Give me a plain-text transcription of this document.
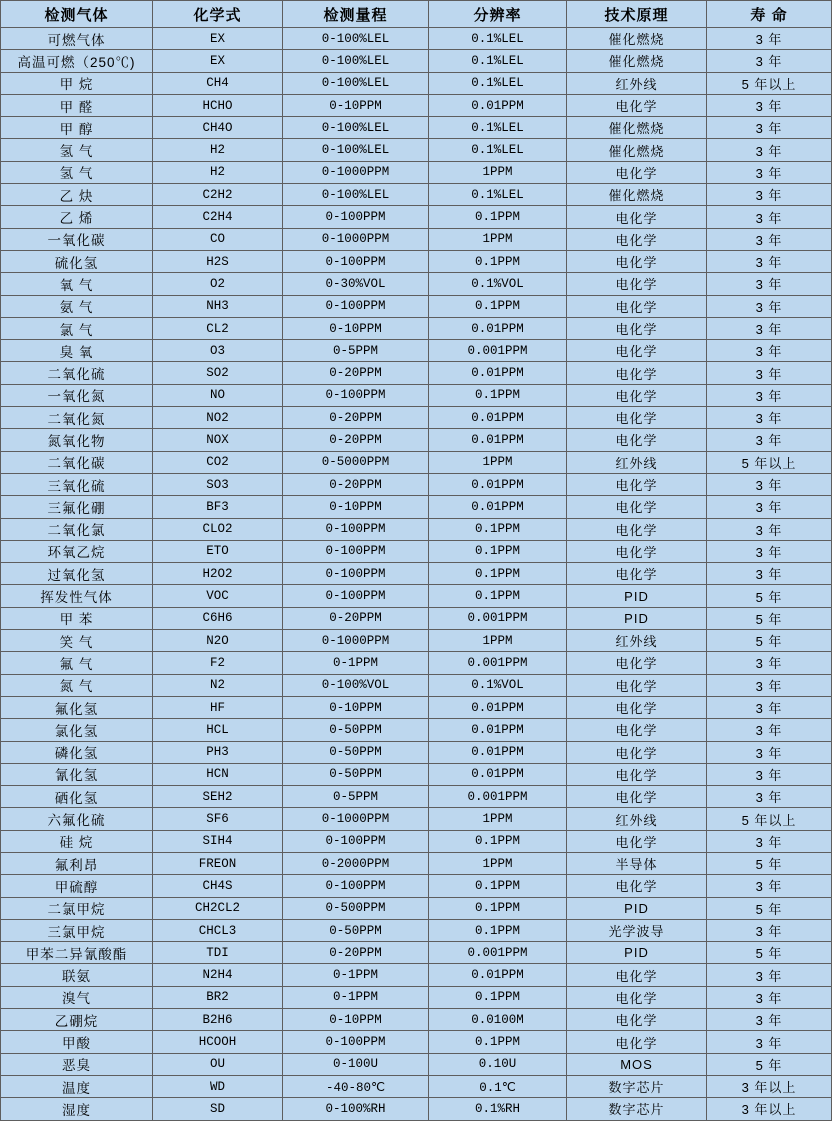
检测气体	化学式	检测量程	分辨率	技术原理	寿 命
可燃气体	EX	0-100%LEL	0.1%LEL	催化燃烧	3 年
高温可燃（250℃)	EX	0-100%LEL	0.1%LEL	催化燃烧	3 年
甲 烷	CH4	0-100%LEL	0.1%LEL	红外线	5 年以上
甲 醛	HCHO	0-10PPM	0.01PPM	电化学	3 年
甲 醇	CH4O	0-100%LEL	0.1%LEL	催化燃烧	3 年
氢 气	H2	0-100%LEL	0.1%LEL	催化燃烧	3 年
氢 气	H2	0-1000PPM	1PPM	电化学	3 年
乙 炔	C2H2	0-100%LEL	0.1%LEL	催化燃烧	3 年
乙 烯	C2H4	0-100PPM	0.1PPM	电化学	3 年
一氧化碳	CO	0-1000PPM	1PPM	电化学	3 年
硫化氢	H2S	0-100PPM	0.1PPM	电化学	3 年
氧 气	O2	0-30%VOL	0.1%VOL	电化学	3 年
氨 气	NH3	0-100PPM	0.1PPM	电化学	3 年
氯 气	CL2	0-10PPM	0.01PPM	电化学	3 年
臭 氧	O3	0-5PPM	0.001PPM	电化学	3 年
二氧化硫	SO2	0-20PPM	0.01PPM	电化学	3 年
一氧化氮	NO	0-100PPM	0.1PPM	电化学	3 年
二氧化氮	NO2	0-20PPM	0.01PPM	电化学	3 年
氮氧化物	NOX	0-20PPM	0.01PPM	电化学	3 年
二氧化碳	CO2	0-5000PPM	1PPM	红外线	5 年以上
三氧化硫	SO3	0-20PPM	0.01PPM	电化学	3 年
三氟化硼	BF3	0-10PPM	0.01PPM	电化学	3 年
二氧化氯	CLO2	0-100PPM	0.1PPM	电化学	3 年
环氧乙烷	ETO	0-100PPM	0.1PPM	电化学	3 年
过氧化氢	H2O2	0-100PPM	0.1PPM	电化学	3 年
挥发性气体	VOC	0-100PPM	0.1PPM	PID	5 年
甲 苯	C6H6	0-20PPM	0.001PPM	PID	5 年
笑 气	N2O	0-1000PPM	1PPM	红外线	5 年
氟 气	F2	0-1PPM	0.001PPM	电化学	3 年
氮 气	N2	0-100%VOL	0.1%VOL	电化学	3 年
氟化氢	HF	0-10PPM	0.01PPM	电化学	3 年
氯化氢	HCL	0-50PPM	0.01PPM	电化学	3 年
磷化氢	PH3	0-50PPM	0.01PPM	电化学	3 年
氰化氢	HCN	0-50PPM	0.01PPM	电化学	3 年
硒化氢	SEH2	0-5PPM	0.001PPM	电化学	3 年
六氟化硫	SF6	0-1000PPM	1PPM	红外线	5 年以上
硅 烷	SIH4	0-100PPM	0.1PPM	电化学	3 年
氟利昂	FREON	0-2000PPM	1PPM	半导体	5 年
甲硫醇	CH4S	0-100PPM	0.1PPM	电化学	3 年
二氯甲烷	CH2CL2	0-500PPM	0.1PPM	PID	5 年
三氯甲烷	CHCL3	0-50PPM	0.1PPM	光学波导	3 年
甲苯二异氰酸酯	TDI	0-20PPM	0.001PPM	PID	5 年
联氨	N2H4	0-1PPM	0.01PPM	电化学	3 年
溴气	BR2	0-1PPM	0.1PPM	电化学	3 年
乙硼烷	B2H6	0-10PPM	0.0100M	电化学	3 年
甲酸	HCOOH	0-100PPM	0.1PPM	电化学	3 年
恶臭	OU	0-100U	0.10U	MOS	5 年
温度	WD	-40-80℃	0.1℃	数字芯片	3 年以上
湿度	SD	0-100%RH	0.1%RH	数字芯片	3 年以上
